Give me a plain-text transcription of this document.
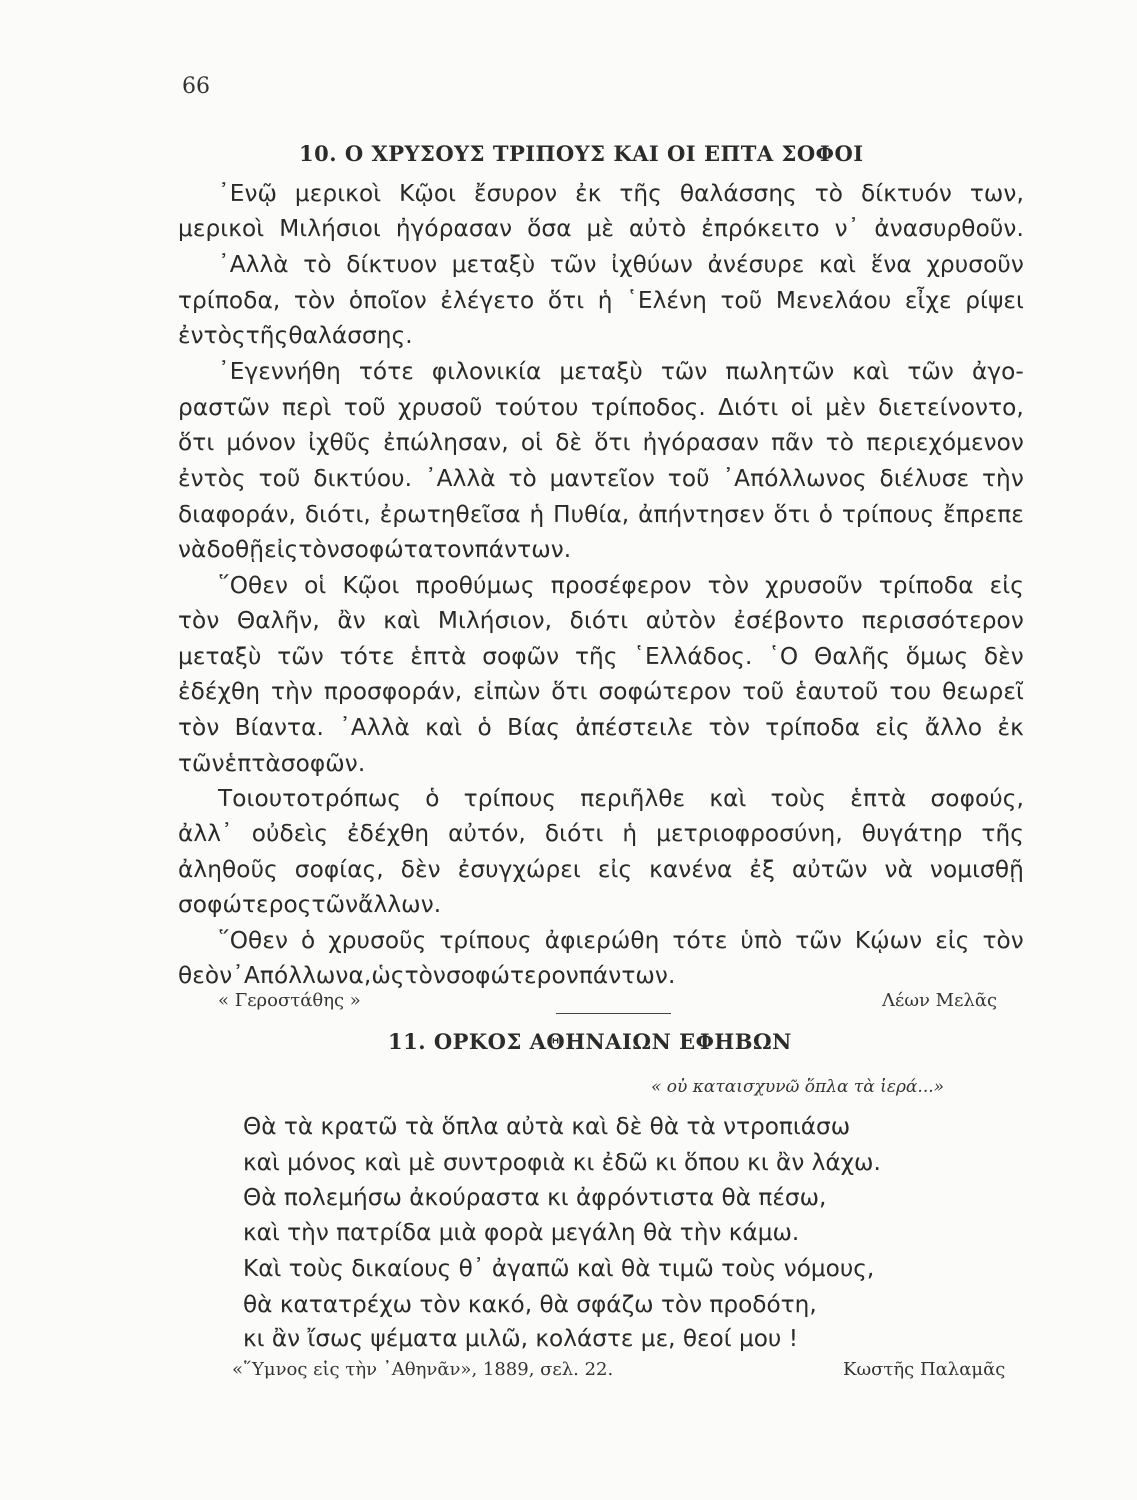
66
10. Ο ΧΡΥΣΟΥΣ ΤΡΙΠΟΥΣ ΚΑΙ ΟΙ ΕΠΤΑ ΣΟΦΟΙ
᾿Ενῷ μερικοὶ Κῷοι ἔσυρον ἐκ τῆς θαλάσσης τὸ δίκτυόν των,
μερικοὶ Μιλήσιοι ἠγόρασαν ὅσα μὲ αὐτὸ ἐπρόκειτο ν᾿ ἀνασυρθοῦν.
᾿Αλλὰ τὸ δίκτυον μεταξὺ τῶν ἰχθύων ἀνέσυρε καὶ ἕνα χρυσοῦν
τρίποδα, τὸν ὁποῖον ἐλέγετο ὅτι ἡ ῾Ελένη τοῦ Μενελάου εἶχε ρίψει
ἐντὸς τῆς θαλάσσης.
᾿Εγεννήθη τότε φιλονικία μεταξὺ τῶν πωλητῶν καὶ τῶν ἀγο-
ραστῶν περὶ τοῦ χρυσοῦ τούτου τρίποδος. Διότι οἱ μὲν διετείνοντο,
ὅτι μόνον ἰχθῦς ἐπώλησαν, οἱ δὲ ὅτι ἠγόρασαν πᾶν τὸ περιεχόμενον
ἐντὸς τοῦ δικτύου. ᾿Αλλὰ τὸ μαντεῖον τοῦ ᾿Απόλλωνος διέλυσε τὴν
διαφοράν, διότι, ἐρωτηθεῖσα ἡ Πυθία, ἀπήντησεν ὅτι ὁ τρίπους ἔπρεπε
νὰ δοθῇ εἰς τὸν σοφώτατον πάντων.
῞Οθεν οἱ Κῷοι προθύμως προσέφερον τὸν χρυσοῦν τρίποδα εἰς
τὸν Θαλῆν, ἂν καὶ Μιλήσιον, διότι αὐτὸν ἐσέβοντο περισσότερον
μεταξὺ τῶν τότε ἑπτὰ σοφῶν τῆς ῾Ελλάδος. ῾Ο Θαλῆς ὅμως δὲν
ἐδέχθη τὴν προσφοράν, εἰπὼν ὅτι σοφώτερον τοῦ ἑαυτοῦ του θεωρεῖ
τὸν Βίαντα. ᾿Αλλὰ καὶ ὁ Βίας ἀπέστειλε τὸν τρίποδα εἰς ἄλλο ἐκ
τῶν ἑπτὰ σοφῶν.
Τοιουτοτρόπως ὁ τρίπους περιῆλθε καὶ τοὺς ἑπτὰ σοφούς,
ἀλλ᾿ οὐδεὶς ἐδέχθη αὐτόν, διότι ἡ μετριοφροσύνη, θυγάτηρ τῆς
ἀληθοῦς σοφίας, δὲν ἐσυγχώρει εἰς κανένα ἐξ αὐτῶν νὰ νομισθῇ
σοφώτερος τῶν ἄλλων.
῞Οθεν ὁ χρυσοῦς τρίπους ἀφιερώθη τότε ὑπὸ τῶν Κῴων εἰς τὸν
θεὸν ᾿Απόλλωνα, ὡς τὸν σοφώτερον πάντων.
« Γεροστάθης »	Λέων Μελᾶς
11. ΟΡΚΟΣ ΑΘΗΝΑΙΩΝ ΕΦΗΒΩΝ
« οὐ καταισχυνῶ ὅπλα τὰ ἱερά...»
Θὰ τὰ κρατῶ τὰ ὅπλα αὐτὰ καὶ δὲ θὰ τὰ ντροπιάσω
καὶ μόνος καὶ μὲ συντροφιὰ κι ἐδῶ κι ὅπου κι ἂν λάχω.
Θὰ πολεμήσω ἀκούραστα κι ἀφρόντιστα θὰ πέσω,
καὶ τὴν πατρίδα μιὰ φορὰ μεγάλη θὰ τὴν κάμω.
Καὶ τοὺς δικαίους θ᾿ ἀγαπῶ καὶ θὰ τιμῶ τοὺς νόμους,
θὰ κατατρέχω τὸν κακό, θὰ σφάζω τὸν προδότη,
κι ἂν ἴσως ψέματα μιλῶ, κολάστε με, θεοί μου !
«῞Υμνος εἰς τὴν ᾿Αθηνᾶν», 1889, σελ. 22.	Κωστῆς Παλαμᾶς
